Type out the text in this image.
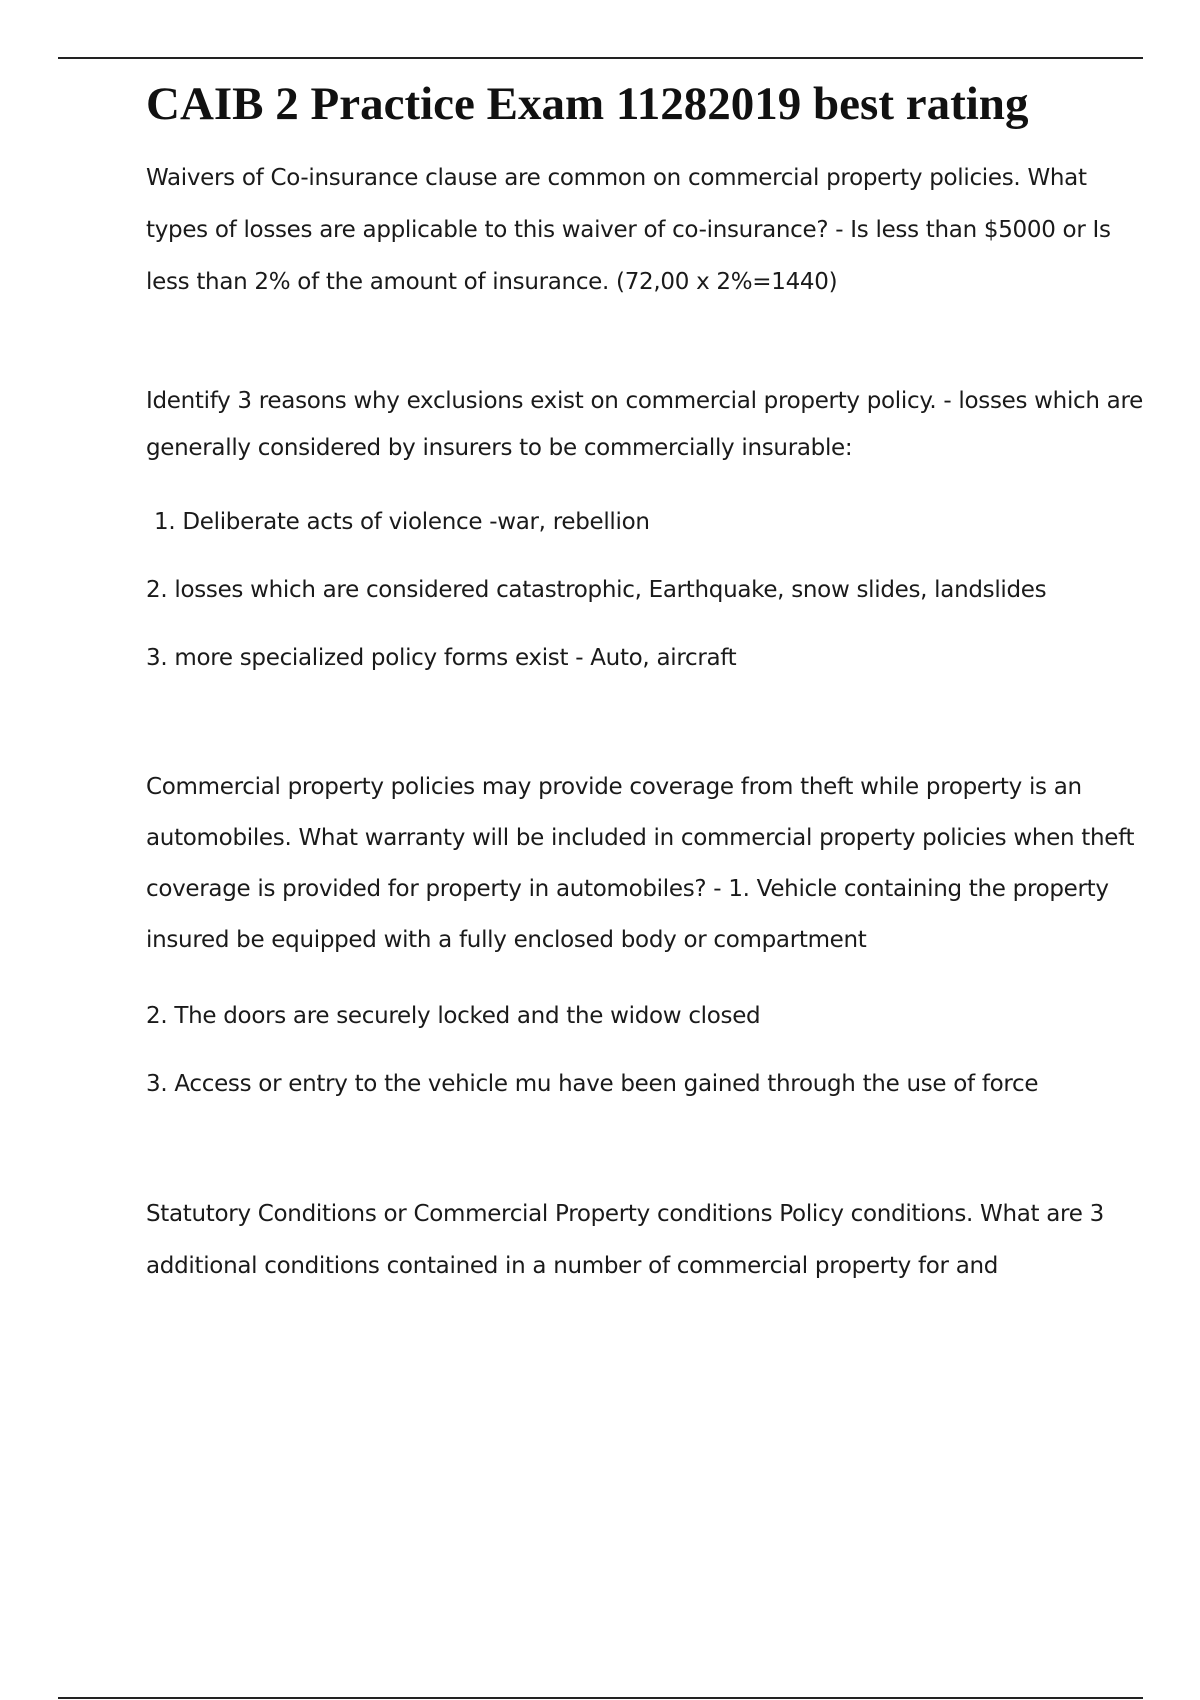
CAIB 2 Practice Exam 11282019 best rating

Waivers of Co-insurance clause are common on commercial property policies. What types of losses are applicable to this waiver of co-insurance? - Is less than $5000 or Is less than 2% of the amount of insurance. (72,00 x 2%=1440)

Identify 3 reasons why exclusions exist on commercial property policy. - losses which are generally considered by insurers to be commercially insurable:

1. Deliberate acts of violence -war, rebellion

2. losses which are considered catastrophic, Earthquake, snow slides, landslides

3. more specialized policy forms exist - Auto, aircraft

Commercial property policies may provide coverage from theft while property is an automobiles. What warranty will be included in commercial property policies when theft coverage is provided for property in automobiles? - 1. Vehicle containing the property insured be equipped with a fully enclosed body or compartment

2. The doors are securely locked and the widow closed

3. Access or entry to the vehicle mu have been gained through the use of force

Statutory Conditions or Commercial Property conditions Policy conditions. What are 3 additional conditions contained in a number of commercial property for and
